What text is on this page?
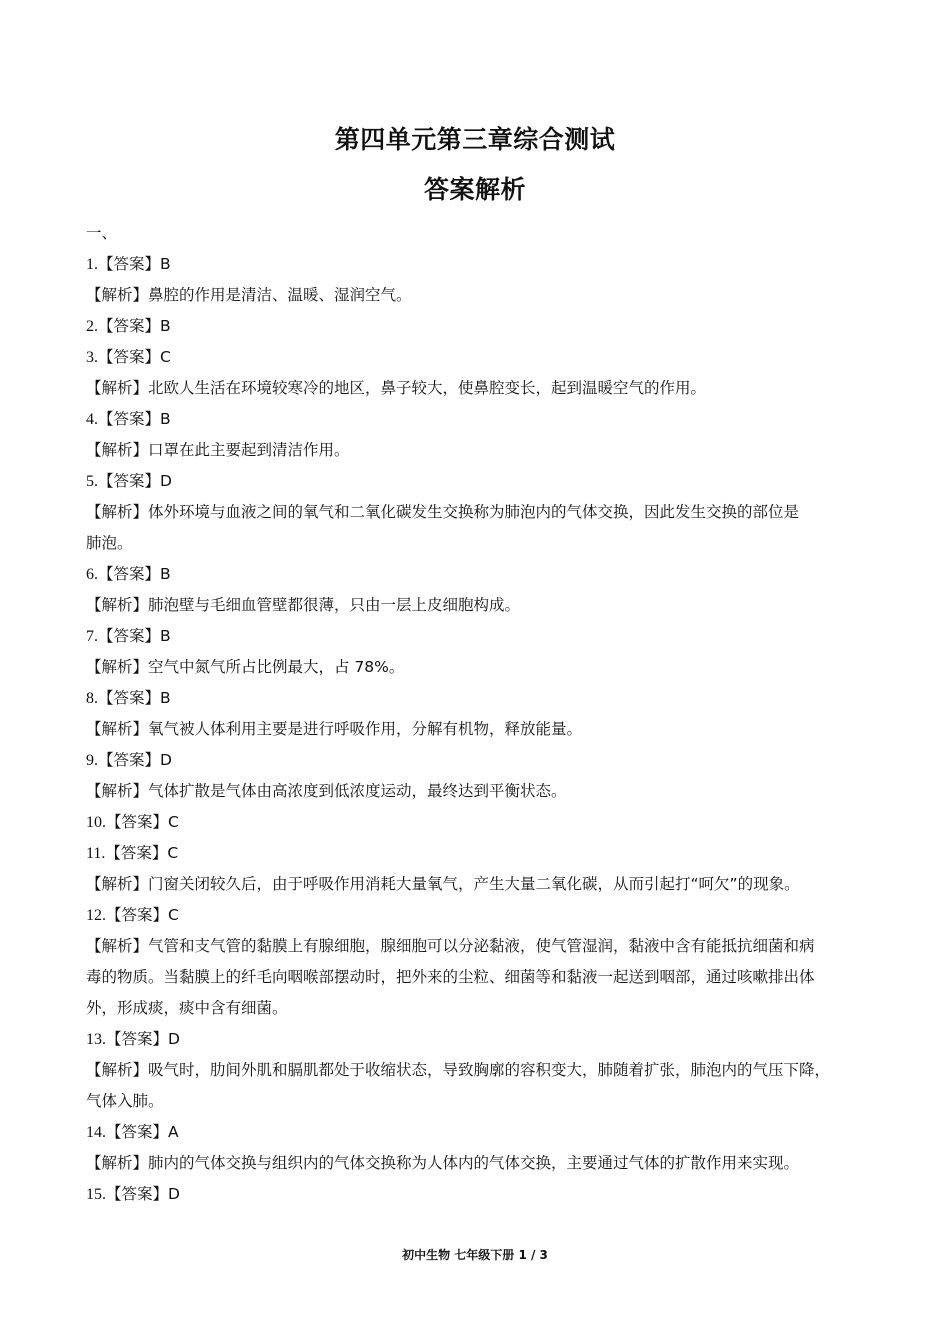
第四单元第三章综合测试
答案解析
一、
1.【答案】B
【解析】鼻腔的作用是清洁、温暖、湿润空气。
2.【答案】B
3.【答案】C
【解析】北欧人生活在环境较寒冷的地区，鼻子较大，使鼻腔变长，起到温暖空气的作用。
4.【答案】B
【解析】口罩在此主要起到清洁作用。
5.【答案】D
【解析】体外环境与血液之间的氧气和二氧化碳发生交换称为肺泡内的气体交换，因此发生交换的部位是
肺泡。
6.【答案】B
【解析】肺泡壁与毛细血管壁都很薄，只由一层上皮细胞构成。
7.【答案】B
【解析】空气中氮气所占比例最大，占 78%。
8.【答案】B
【解析】氧气被人体利用主要是进行呼吸作用，分解有机物，释放能量。
9.【答案】D
【解析】气体扩散是气体由高浓度到低浓度运动，最终达到平衡状态。
10.【答案】C
11.【答案】C
【解析】门窗关闭较久后，由于呼吸作用消耗大量氧气，产生大量二氧化碳，从而引起打“呵欠”的现象。
12.【答案】C
【解析】气管和支气管的黏膜上有腺细胞，腺细胞可以分泌黏液，使气管湿润，黏液中含有能抵抗细菌和病
毒的物质。当黏膜上的纤毛向咽喉部摆动时，把外来的尘粒、细菌等和黏液一起送到咽部，通过咳嗽排出体
外，形成痰，痰中含有细菌。
13.【答案】D
【解析】吸气时，肋间外肌和膈肌都处于收缩状态，导致胸廓的容积变大，肺随着扩张，肺泡内的气压下降，
气体入肺。
14.【答案】A
【解析】肺内的气体交换与组织内的气体交换称为人体内的气体交换，主要通过气体的扩散作用来实现。
15.【答案】D
初中生物 七年级下册 1 / 3
